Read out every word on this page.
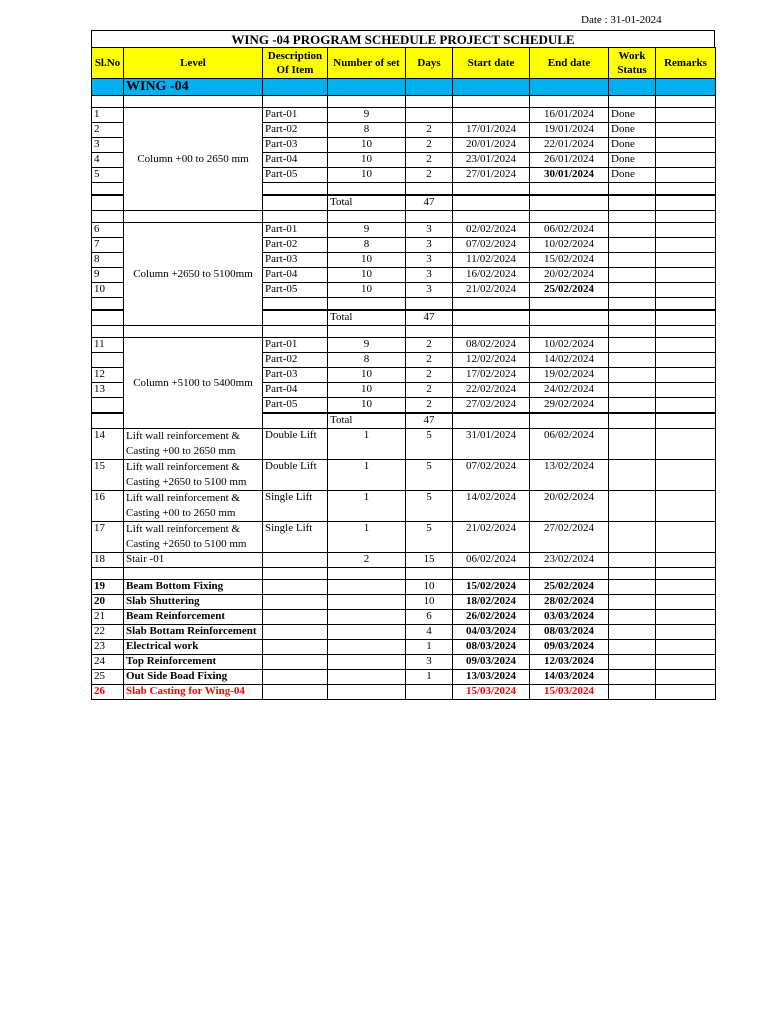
Date : 31-01-2024
WING -04 PROGRAM SCHEDULE PROJECT SCHEDULE
Sl.No	Level	Description Of Item	Number of set	Days	Start date	End date	Work Status	Remarks	
	WING -04								

1	Column +00 to 2650 mm	Part-01	9			16/01/2024	Done		
2		Part-02	8	2	17/01/2024	19/01/2024	Done		
3		Part-03	10	2	20/01/2024	22/01/2024	Done		
4		Part-04	10	2	23/01/2024	26/01/2024	Done		
5		Part-05	10	2	27/01/2024	30/01/2024	Done		

			Total	47					

6	Column +2650 to 5100mm	Part-01	9	3	02/02/2024	06/02/2024			
7		Part-02	8	3	07/02/2024	10/02/2024			
8		Part-03	10	3	11/02/2024	15/02/2024			
9		Part-04	10	3	16/02/2024	20/02/2024			
10		Part-05	10	3	21/02/2024	25/02/2024			

			Total	47					

11	Column +5100 to 5400mm	Part-01	9	2	08/02/2024	10/02/2024			
		Part-02	8	2	12/02/2024	14/02/2024			
12		Part-03	10	2	17/02/2024	19/02/2024			
13		Part-04	10	2	22/02/2024	24/02/2024			
		Part-05	10	2	27/02/2024	29/02/2024			
			Total	47					
14	Lift wall reinforcement & Casting +00 to 2650 mm	Double Lift	1	5	31/01/2024	06/02/2024			
15	Lift wall reinforcement & Casting +2650 to 5100 mm	Double Lift	1	5	07/02/2024	13/02/2024			
16	Lift wall reinforcement & Casting +00 to 2650 mm	Single Lift	1	5	14/02/2024	20/02/2024			
17	Lift wall reinforcement & Casting +2650 to 5100 mm	Single Lift	1	5	21/02/2024	27/02/2024			
18	Stair -01		2	15	06/02/2024	23/02/2024			

19	Beam Bottom Fixing			10	15/02/2024	25/02/2024			
20	Slab Shuttering			10	18/02/2024	28/02/2024			
21	Beam Reinforcement			6	26/02/2024	03/03/2024			
22	Slab Bottam Reinforcement			4	04/03/2024	08/03/2024			
23	Electrical work			1	08/03/2024	09/03/2024			
24	Top Reinforcement			3	09/03/2024	12/03/2024			
25	Out Side Boad Fixing			1	13/03/2024	14/03/2024			
26	Slab Casting for Wing-04				15/03/2024	15/03/2024			
